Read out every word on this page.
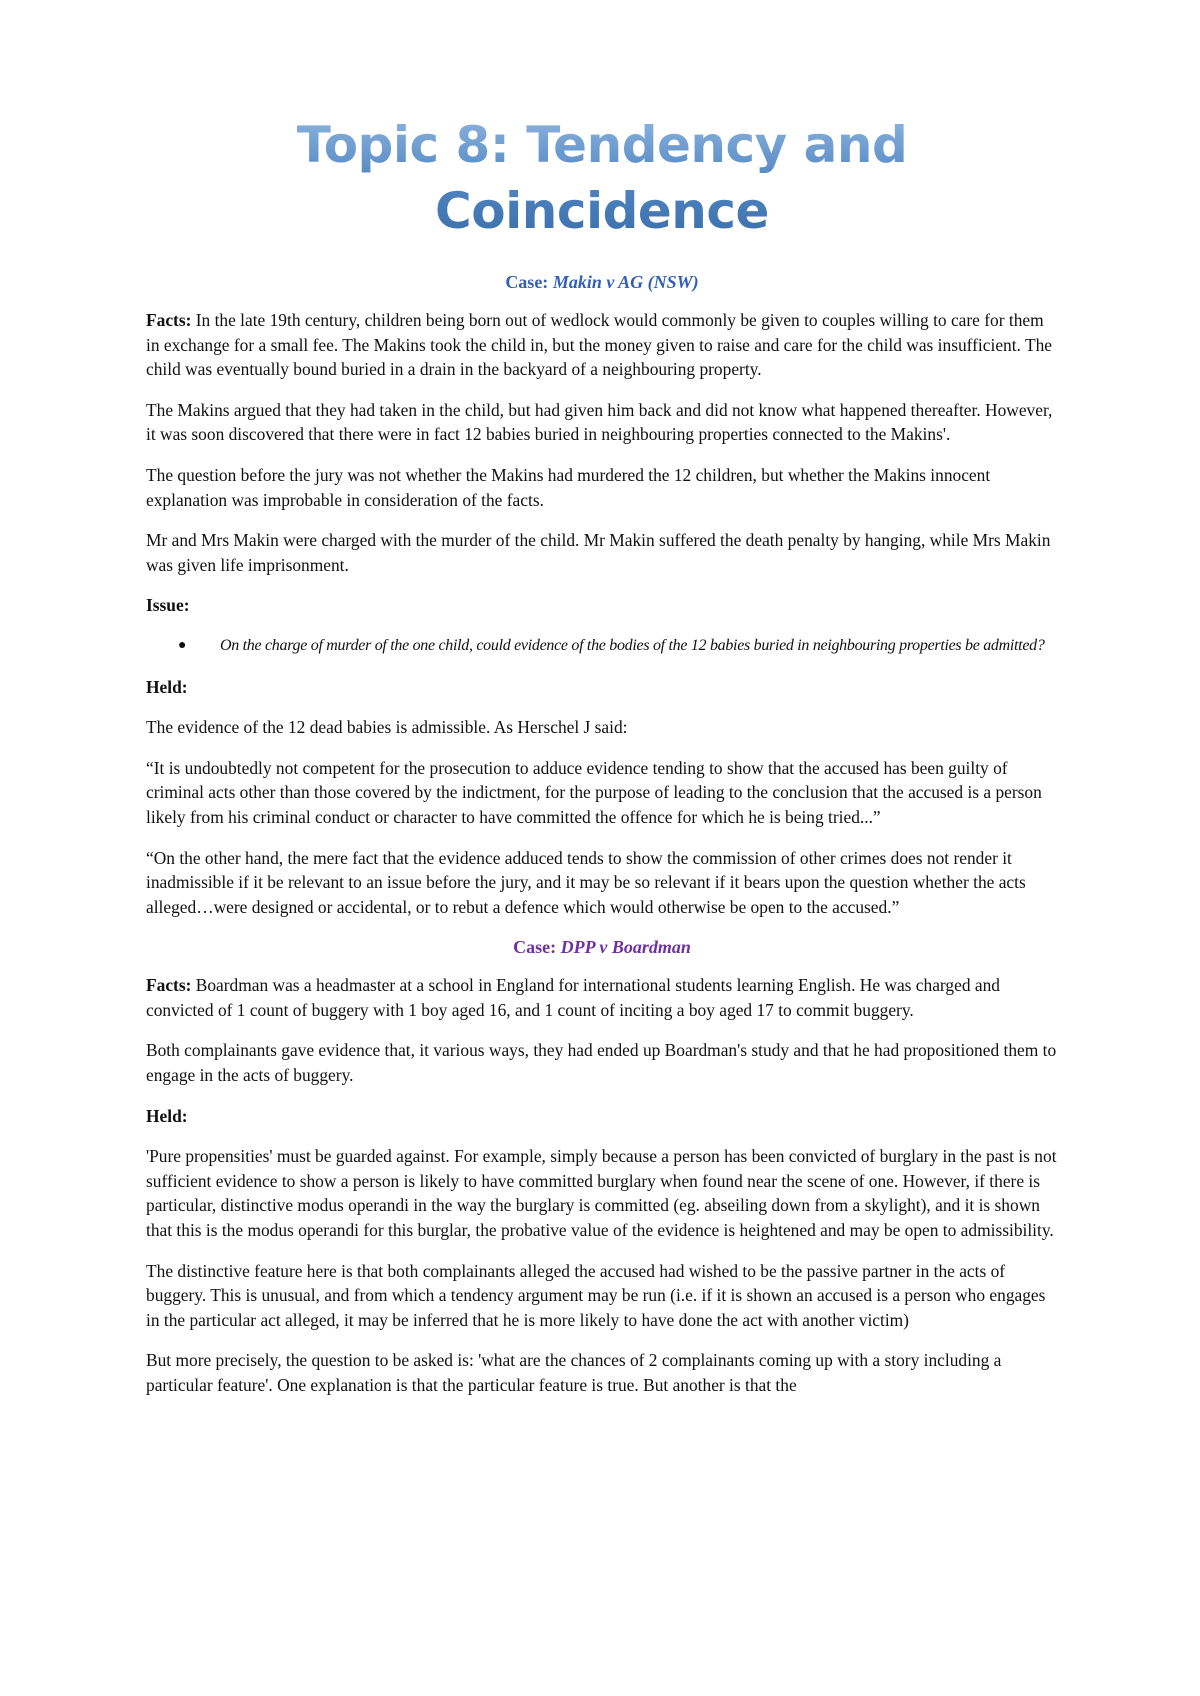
Topic 8: Tendency and Coincidence
Case: Makin v AG (NSW)

Facts: In the late 19th century, children being born out of wedlock would commonly be given to couples willing to care for them in exchange for a small fee. The Makins took the child in, but the money given to raise and care for the child was insufficient. The child was eventually bound buried in a drain in the backyard of a neighbouring property.

The Makins argued that they had taken in the child, but had given him back and did not know what happened thereafter. However, it was soon discovered that there were in fact 12 babies buried in neighbouring properties connected to the Makins'.

The question before the jury was not whether the Makins had murdered the 12 children, but whether the Makins innocent explanation was improbable in consideration of the facts.

Mr and Mrs Makin were charged with the murder of the child. Mr Makin suffered the death penalty by hanging, while Mrs Makin was given life imprisonment.

Issue:
● On the charge of murder of the one child, could evidence of the bodies of the 12 babies buried in neighbouring properties be admitted?
Held:

The evidence of the 12 dead babies is admissible. As Herschel J said:

“It is undoubtedly not competent for the prosecution to adduce evidence tending to show that the accused has been guilty of criminal acts other than those covered by the indictment, for the purpose of leading to the conclusion that the accused is a person likely from his criminal conduct or character to have committed the offence for which he is being tried...”

“On the other hand, the mere fact that the evidence adduced tends to show the commission of other crimes does not render it inadmissible if it be relevant to an issue before the jury, and it may be so relevant if it bears upon the question whether the acts alleged…were designed or accidental, or to rebut a defence which would otherwise be open to the accused.”

Case: DPP v Boardman

Facts: Boardman was a headmaster at a school in England for international students learning English. He was charged and convicted of 1 count of buggery with 1 boy aged 16, and 1 count of inciting a boy aged 17 to commit buggery.

Both complainants gave evidence that, it various ways, they had ended up Boardman's study and that he had propositioned them to engage in the acts of buggery.

Held:

'Pure propensities' must be guarded against. For example, simply because a person has been convicted of burglary in the past is not sufficient evidence to show a person is likely to have committed burglary when found near the scene of one. However, if there is particular, distinctive modus operandi in the way the burglary is committed (eg. abseiling down from a skylight), and it is shown that this is the modus operandi for this burglar, the probative value of the evidence is heightened and may be open to admissibility.

The distinctive feature here is that both complainants alleged the accused had wished to be the passive partner in the acts of buggery. This is unusual, and from which a tendency argument may be run (i.e. if it is shown an accused is a person who engages in the particular act alleged, it may be inferred that he is more likely to have done the act with another victim)

But more precisely, the question to be asked is: 'what are the chances of 2 complainants coming up with a story including a particular feature'. One explanation is that the particular feature is true. But another is that the
